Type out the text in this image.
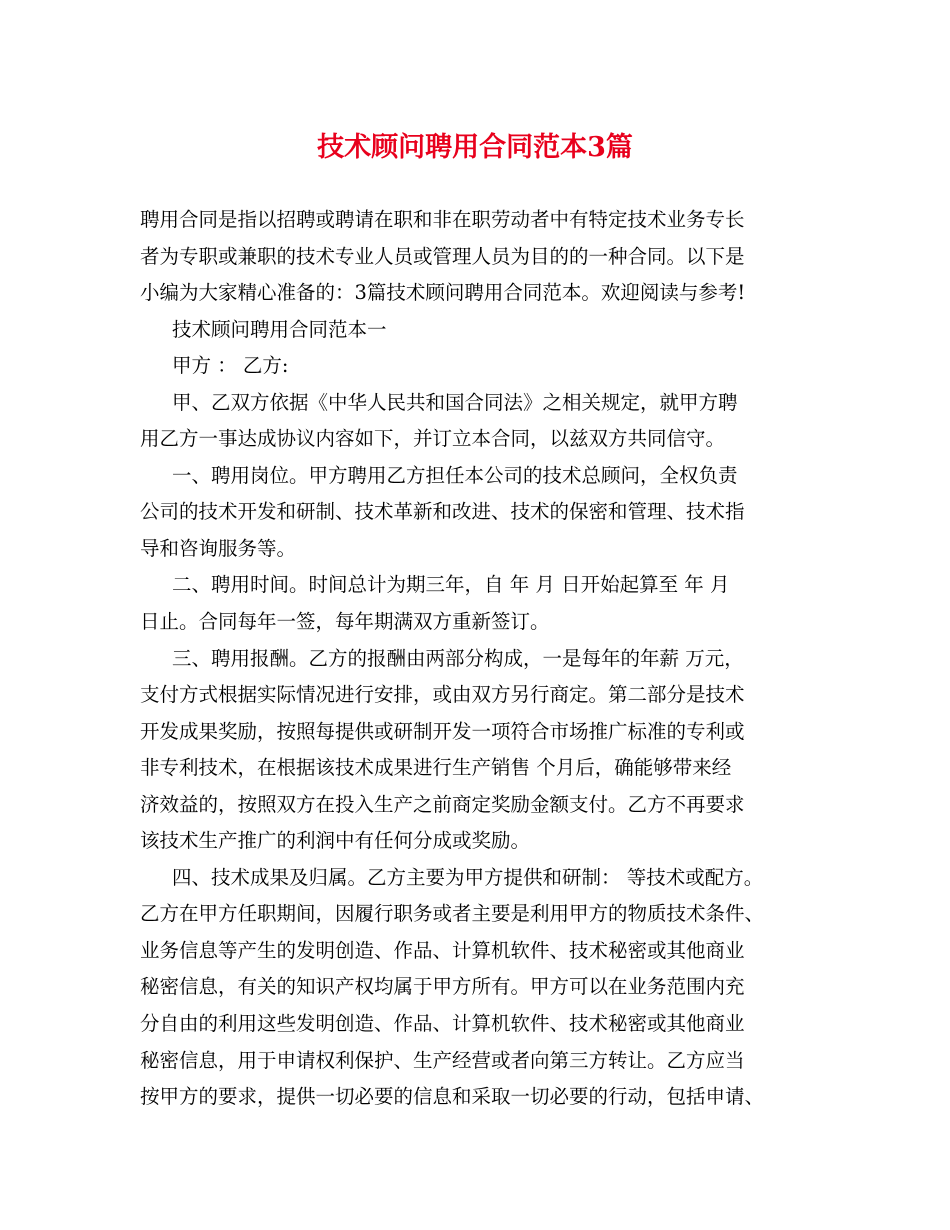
技术顾问聘用合同范本3篇
聘用合同是指以招聘或聘请在职和非在职劳动者中有特定技术业务专长
者为专职或兼职的技术专业人员或管理人员为目的的一种合同。以下是
小编为大家精心准备的：3篇技术顾问聘用合同范本。欢迎阅读与参考!
技术顾问聘用合同范本一
甲方 ： 乙方:
甲、乙双方依据《中华人民共和国合同法》之相关规定，就甲方聘
用乙方一事达成协议内容如下，并订立本合同，以兹双方共同信守。
一、聘用岗位。甲方聘用乙方担任本公司的技术总顾问，全权负责
公司的技术开发和研制、技术革新和改进、技术的保密和管理、技术指
导和咨询服务等。
二、聘用时间。时间总计为期三年，自 年 月 日开始起算至 年 月
日止。合同每年一签，每年期满双方重新签订。
三、聘用报酬。乙方的报酬由两部分构成，一是每年的年薪 万元，
支付方式根据实际情况进行安排，或由双方另行商定。第二部分是技术
开发成果奖励，按照每提供或研制开发一项符合市场推广标准的专利或
非专利技术，在根据该技术成果进行生产销售 个月后，确能够带来经
济效益的，按照双方在投入生产之前商定奖励金额支付。乙方不再要求
该技术生产推广的利润中有任何分成或奖励。
四、技术成果及归属。乙方主要为甲方提供和研制： 等技术或配方。
乙方在甲方任职期间，因履行职务或者主要是利用甲方的物质技术条件、
业务信息等产生的发明创造、作品、计算机软件、技术秘密或其他商业
秘密信息，有关的知识产权均属于甲方所有。甲方可以在业务范围内充
分自由的利用这些发明创造、作品、计算机软件、技术秘密或其他商业
秘密信息，用于申请权利保护、生产经营或者向第三方转让。乙方应当
按甲方的要求，提供一切必要的信息和采取一切必要的行动，包括申请、
